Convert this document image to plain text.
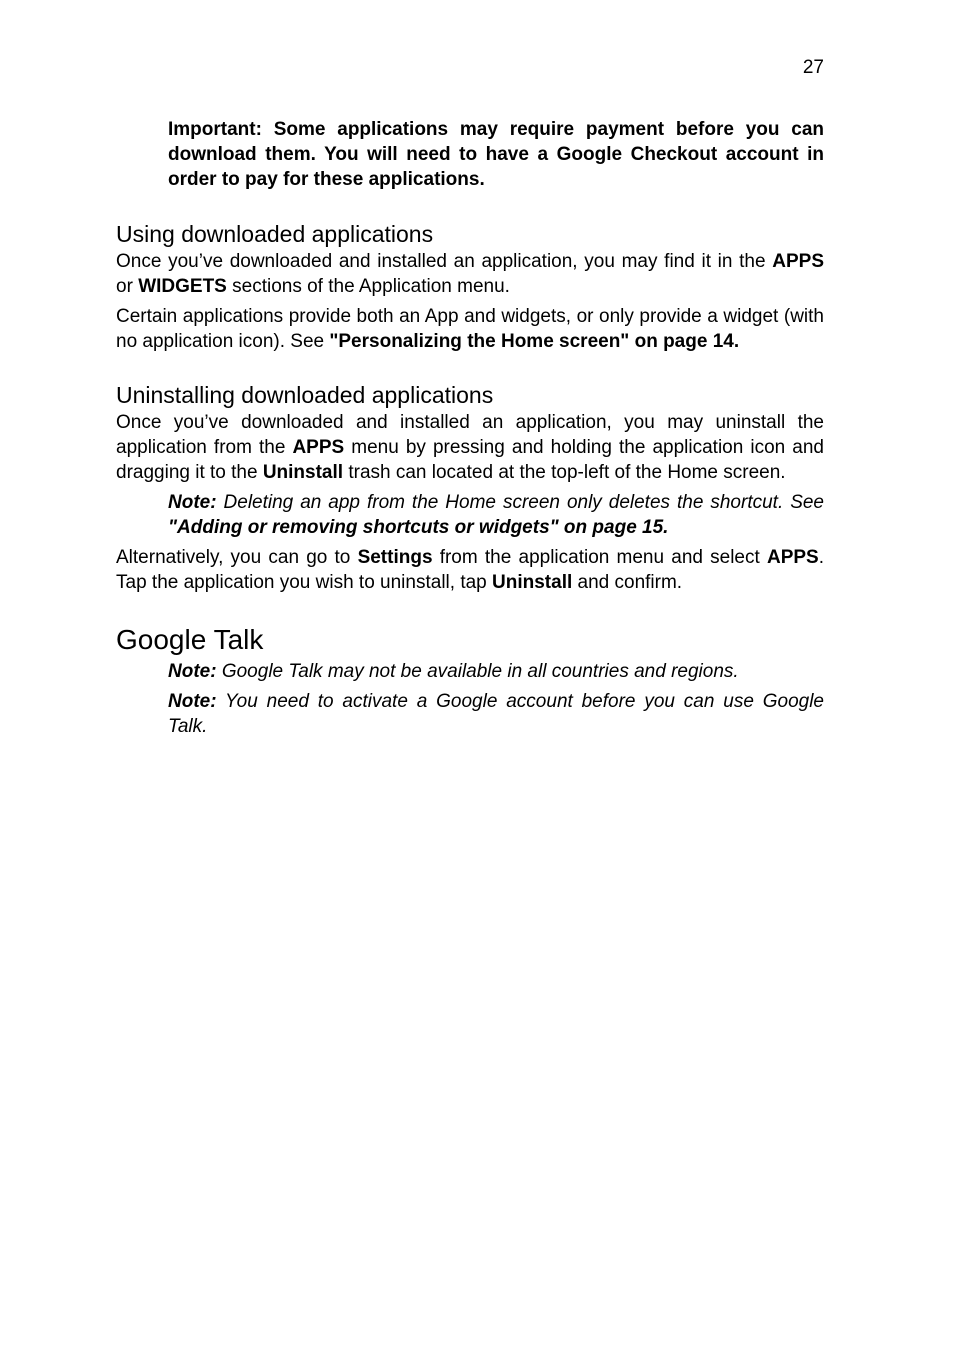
27

Important: Some applications may require payment before you can download them. You will need to have a Google Checkout account in order to pay for these applications.

Using downloaded applications

Once you’ve downloaded and installed an application, you may find it in the APPS or WIDGETS sections of the Application menu.

Certain applications provide both an App and widgets, or only provide a widget (with no application icon). See "Personalizing the Home screen" on page 14.

Uninstalling downloaded applications

Once you’ve downloaded and installed an application, you may uninstall the application from the APPS menu by pressing and holding the application icon and dragging it to the Uninstall trash can located at the top-left of the Home screen.

Note: Deleting an app from the Home screen only deletes the shortcut. See "Adding or removing shortcuts or widgets" on page 15.

Alternatively, you can go to Settings from the application menu and select APPS. Tap the application you wish to uninstall, tap Uninstall and confirm.

Google Talk

Note: Google Talk may not be available in all countries and regions.

Note: You need to activate a Google account before you can use Google Talk.
